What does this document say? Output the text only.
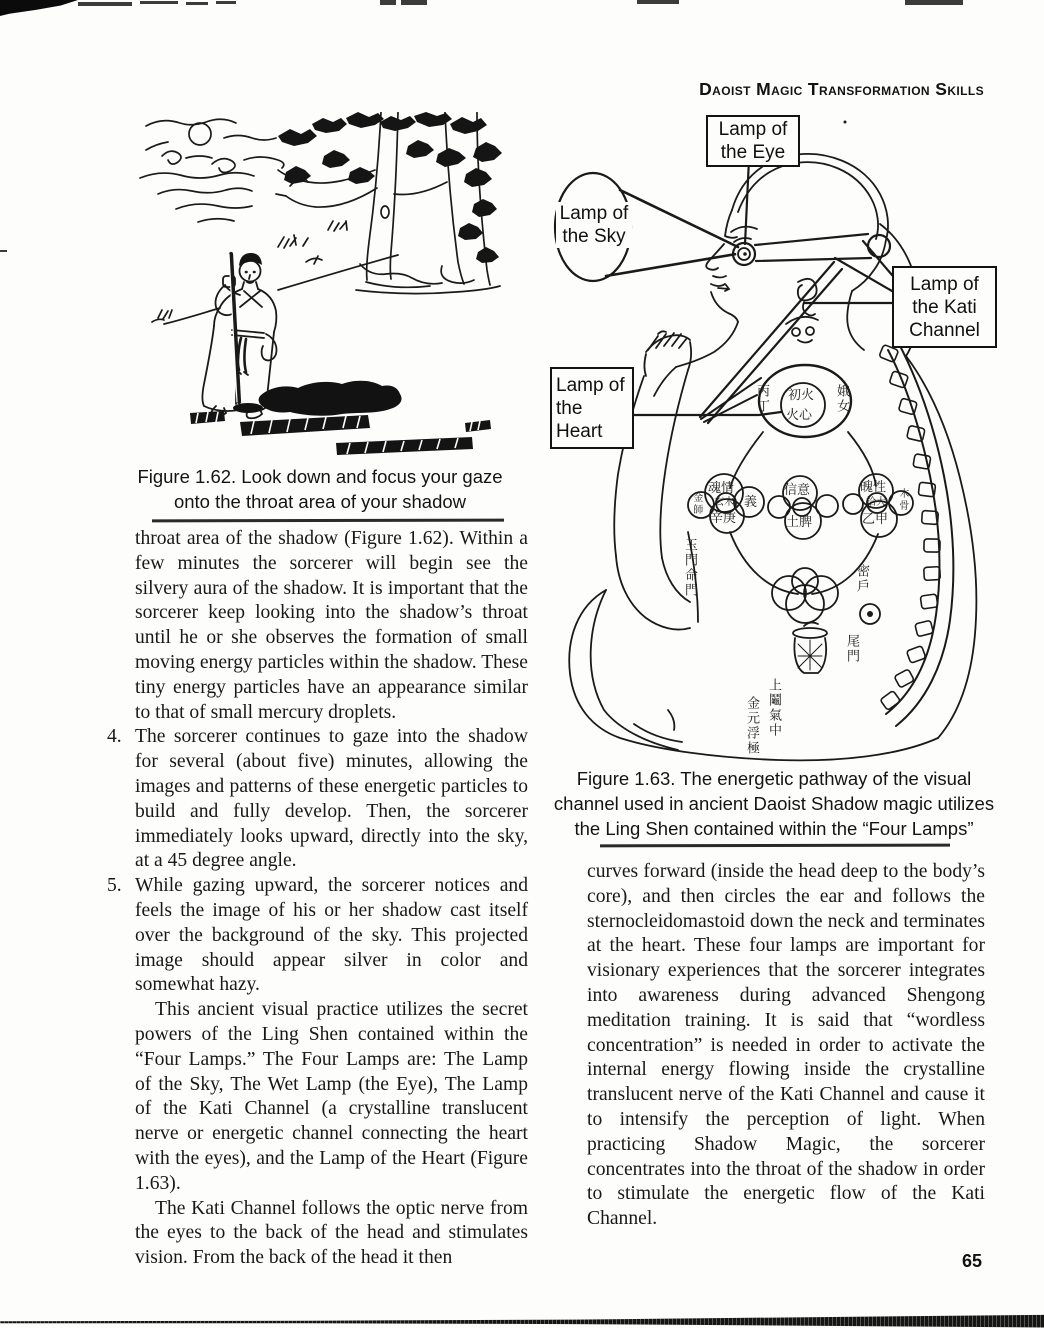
Daoist Magic Transformation Skills
65
Figure 1.62. Look down and focus your gaze
onto the throat area of your shadow

throat area of the shadow (Figure 1.62). Within a few minutes the sorcerer will begin see the silvery aura of the shadow. It is important that the sorcerer keep looking into the shadow’s throat until he or she observes the formation of small moving energy particles within the shadow. These tiny energy particles have an appearance similar to that of small mercury droplets.

4. The sorcerer continues to gaze into the shadow for several (about five) minutes, allowing the images and patterns of these energetic particles to build and fully develop. Then, the sorcerer immediately looks upward, directly into the sky, at a 45 degree angle.
5. While gazing upward, the sorcerer notices and feels the image of his or her shadow cast itself over the background of the sky. This projected image should appear silver in color and somewhat hazy.

This ancient visual practice utilizes the secret powers of the Ling Shen contained within the “Four Lamps.” The Four Lamps are: The Lamp of the Sky, The Wet Lamp (the Eye), The Lamp of the Kati Channel (a crystalline translucent nerve or energetic channel connecting the heart with the eyes), and the Lamp of the Heart (Figure 1.63).

The Kati Channel follows the optic nerve from the eyes to the back of the head and stimulates vision. From the back of the head it then

Lamp of the Eye
Lamp of the Sky
Lamp of the Kati Channel
Lamp of the Heart
丙丁 初火
火心
娥女
魂情
義
玄木
辛庚
金師
信意
土脾
魄性
拾大
乙甲
木骨
玉門命門	密戶
尾門
上鬮氣中
金元浮極
Figure 1.63. The energetic pathway of the visual
channel used in ancient Daoist Shadow magic utilizes
the Ling Shen contained within the “Four Lamps”

curves forward (inside the head deep to the body’s core), and then circles the ear and follows the sternocleidomastoid down the neck and terminates at the heart. These four lamps are important for visionary experiences that the sorcerer integrates into awareness during advanced Shengong meditation training. It is said that “wordless concentration” is needed in order to activate the internal energy flowing inside the crystalline translucent nerve of the Kati Channel and cause it to intensify the perception of light. When practicing Shadow Magic, the sorcerer concentrates into the throat of the shadow in order to stimulate the energetic flow of the Kati Channel.
